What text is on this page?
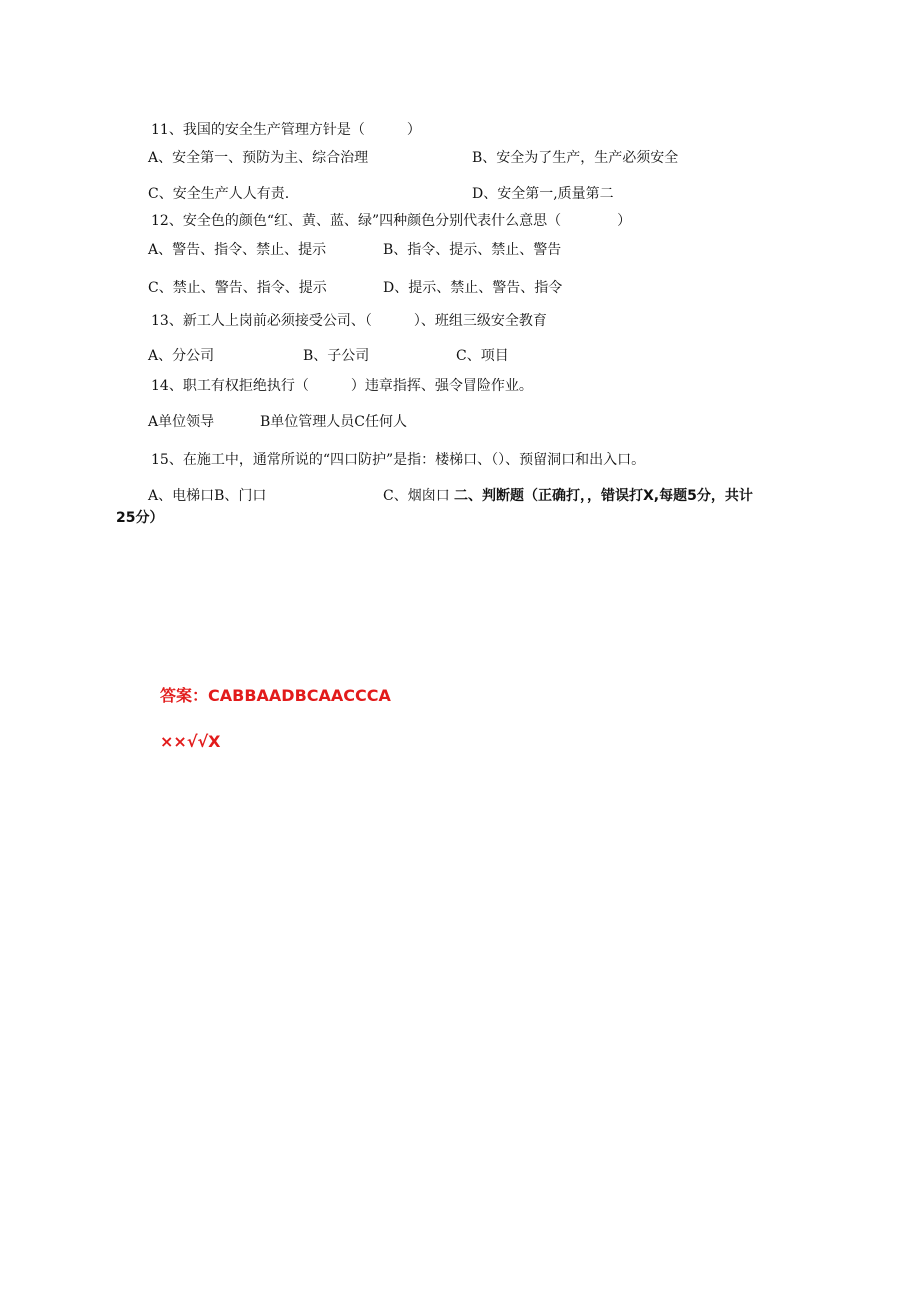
11、我国的安全生产管理方针是（　　　）
A、安全第一、预防为主、综合治理	B、安全为了生产，生产必须安全
C、安全生产人人有责.	D、安全第一,质量第二
12、安全色的颜色“红、黄、蓝、绿”四种颜色分别代表什么意思（　　　　）
A、警告、指令、禁止、提示	B、指令、提示、禁止、警告
C、禁止、警告、指令、提示	D、提示、禁止、警告、指令
13、新工人上岗前必须接受公司、（　　　）、班组三级安全教育
A、分公司	B、子公司	C、项目
14、职工有权拒绝执行（　　　）违章指挥、强令冒险作业。
A单位领导	B单位管理人员C任何人
15、在施工中，通常所说的“四口防护”是指：楼梯口、（）、预留洞口和出入口。
A、电梯口B、门口	C、烟囱口 二、判断题（正确打，，错误打X,每题5分，共计
25分）
答案：CABBAADBCAACCCA
××√√X
